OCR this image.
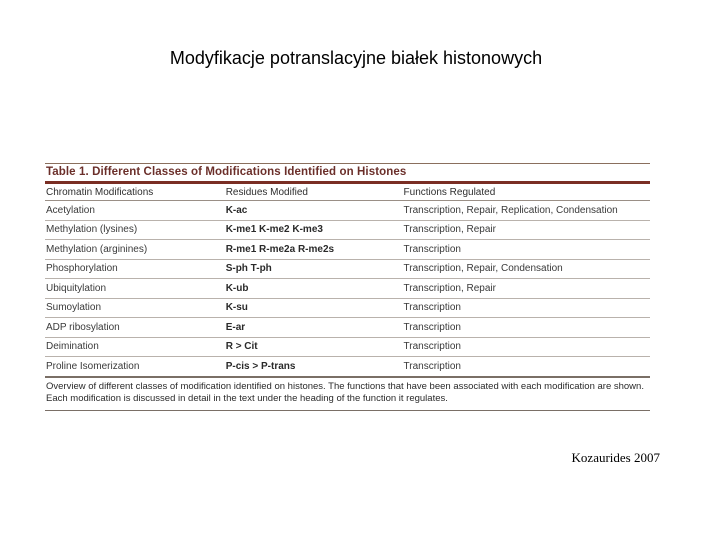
Modyfikacje potranslacyjne białek histonowych
Table 1. Different Classes of Modifications Identified on Histones
Chromatin Modifications	Residues Modified	Functions Regulated
Acetylation	K-ac	Transcription, Repair, Replication, Condensation
Methylation (lysines)	K-me1 K-me2 K-me3	Transcription, Repair
Methylation (arginines)	R-me1 R-me2a R-me2s	Transcription
Phosphorylation	S-ph T-ph	Transcription, Repair, Condensation
Ubiquitylation	K-ub	Transcription, Repair
Sumoylation	K-su	Transcription
ADP ribosylation	E-ar	Transcription
Deimination	R > Cit	Transcription
Proline Isomerization	P-cis > P-trans	Transcription
Overview of different classes of modification identified on histones. The functions that have been associated with each modification are shown. Each modification is discussed in detail in the text under the heading of the function it regulates.
Kozaurides 2007
